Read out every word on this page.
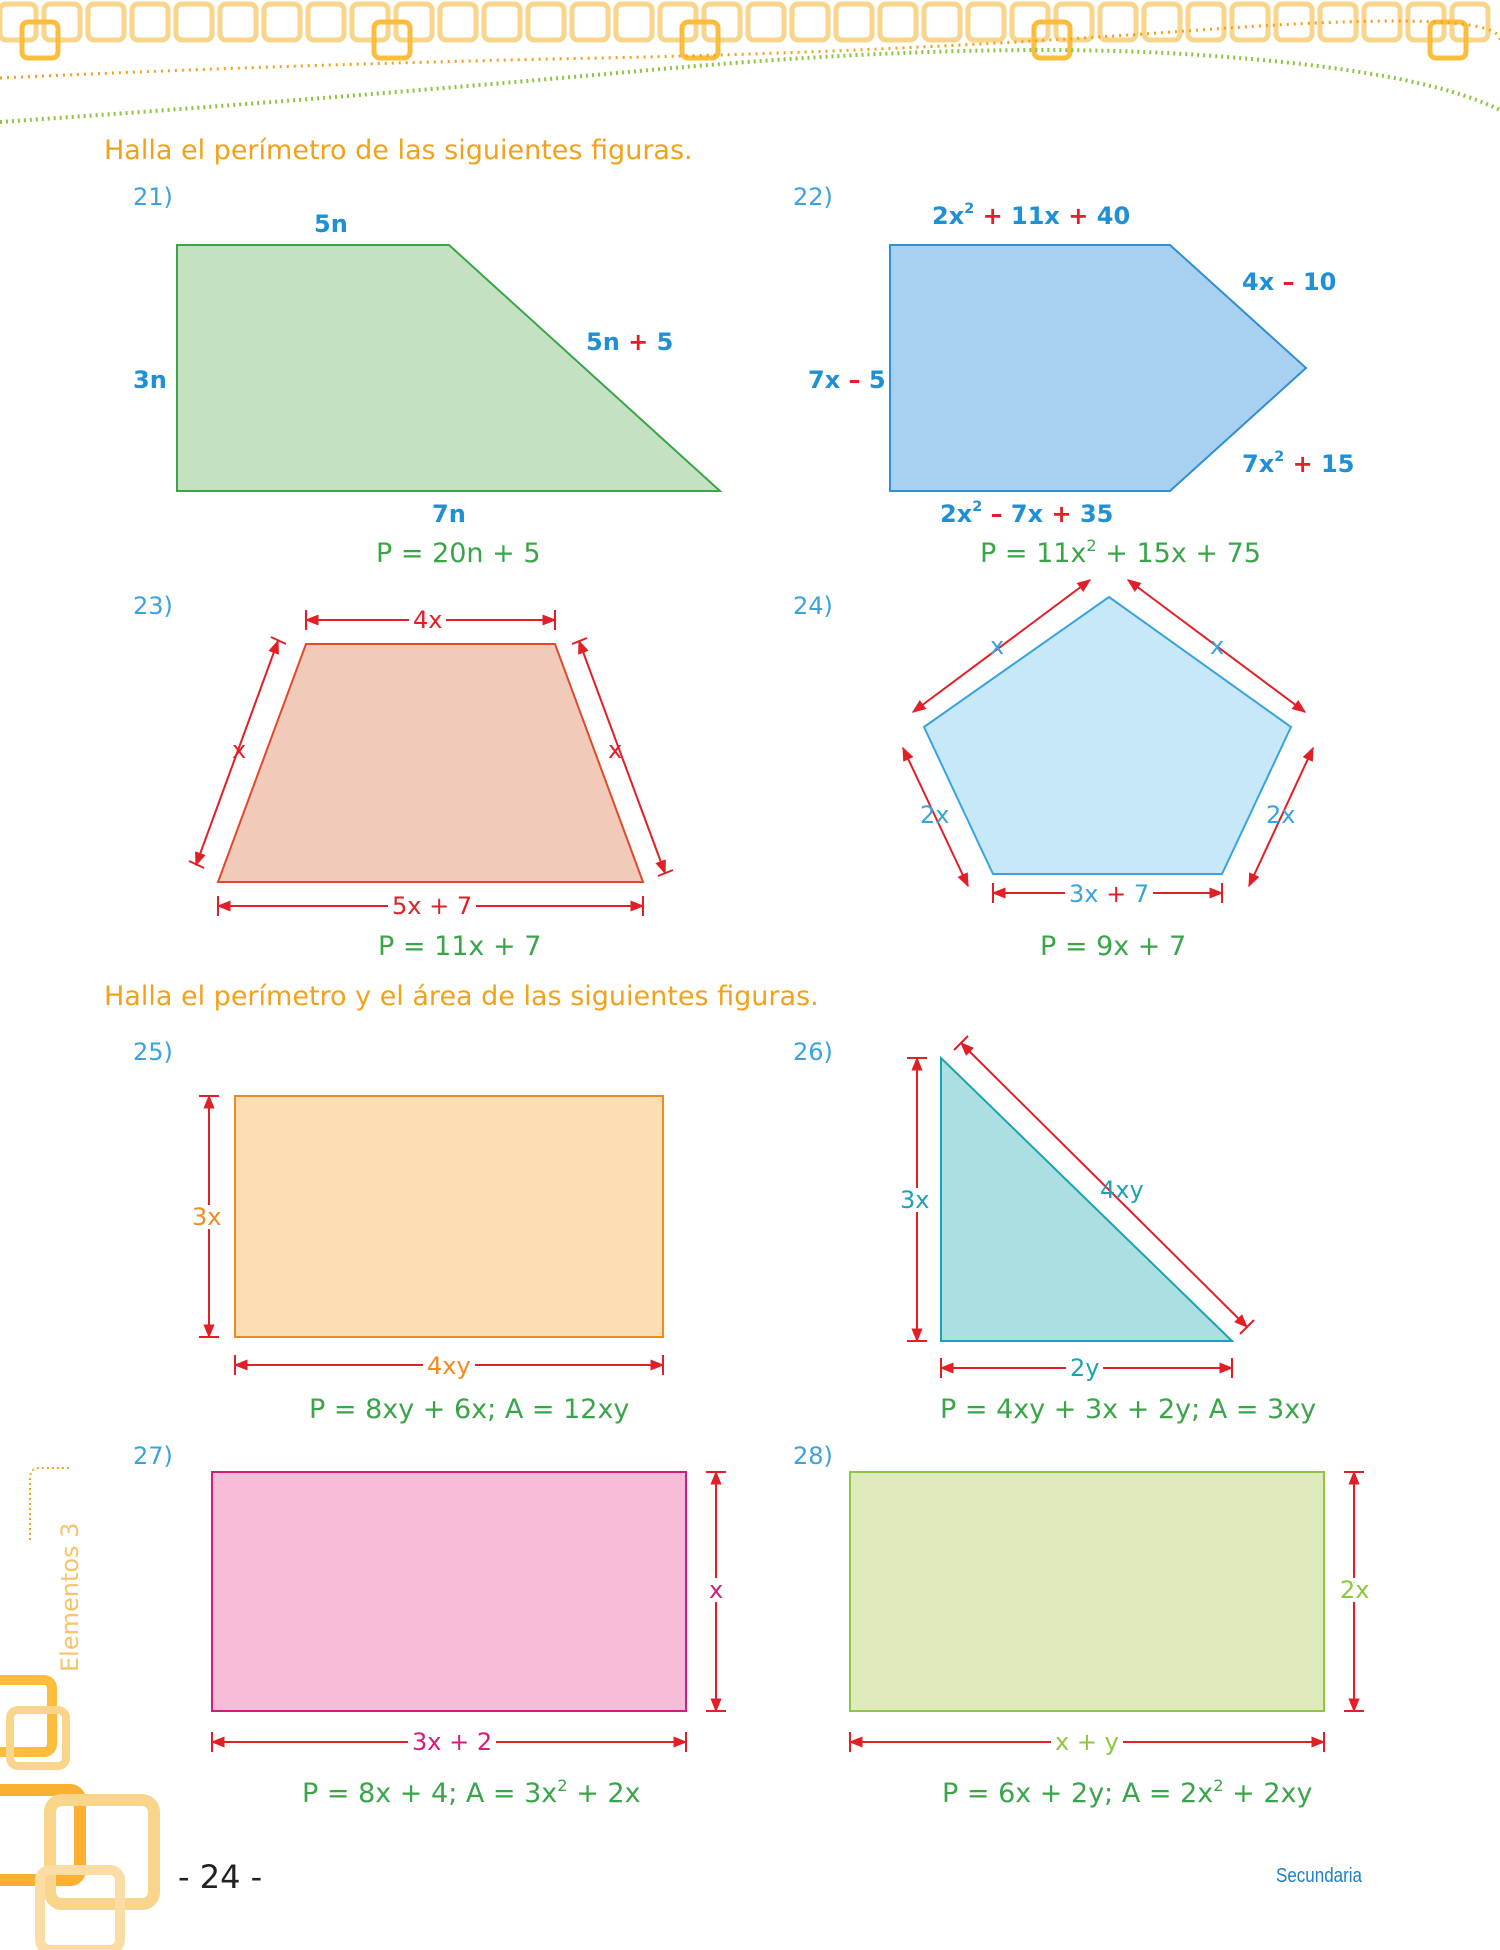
Halla el perímetro de las siguientes figuras.
Halla el perímetro y el área de las siguientes figuras.
21)
5n
3n
5n + 5
7n
P = 20n + 5
22)
$2x^2 + 11x + 40$
4x – 10
7x – 5
$7x^2 + 15$
$2x^2 - 7x + 35$
$P = 11x^2 + 15x + 75$
23)	4x
x	x
5x + 7
P = 11x + 7
24)
x	x
2x	2x
3x + 7
P = 9x + 7
25)
3x
4xy
P = 8xy + 6x; A = 12xy
26)
3x	4xy
2y
P = 4xy + 3x + 2y; A = 3xy
27)
x
3x + 2
P = 8x + 4; $A = 3x^2 + 2x$
28)
2x
x + y
P = 6x + 2y; $A = 2x^2 + 2xy$
Elementos 3
- 24 -	Secundaria
